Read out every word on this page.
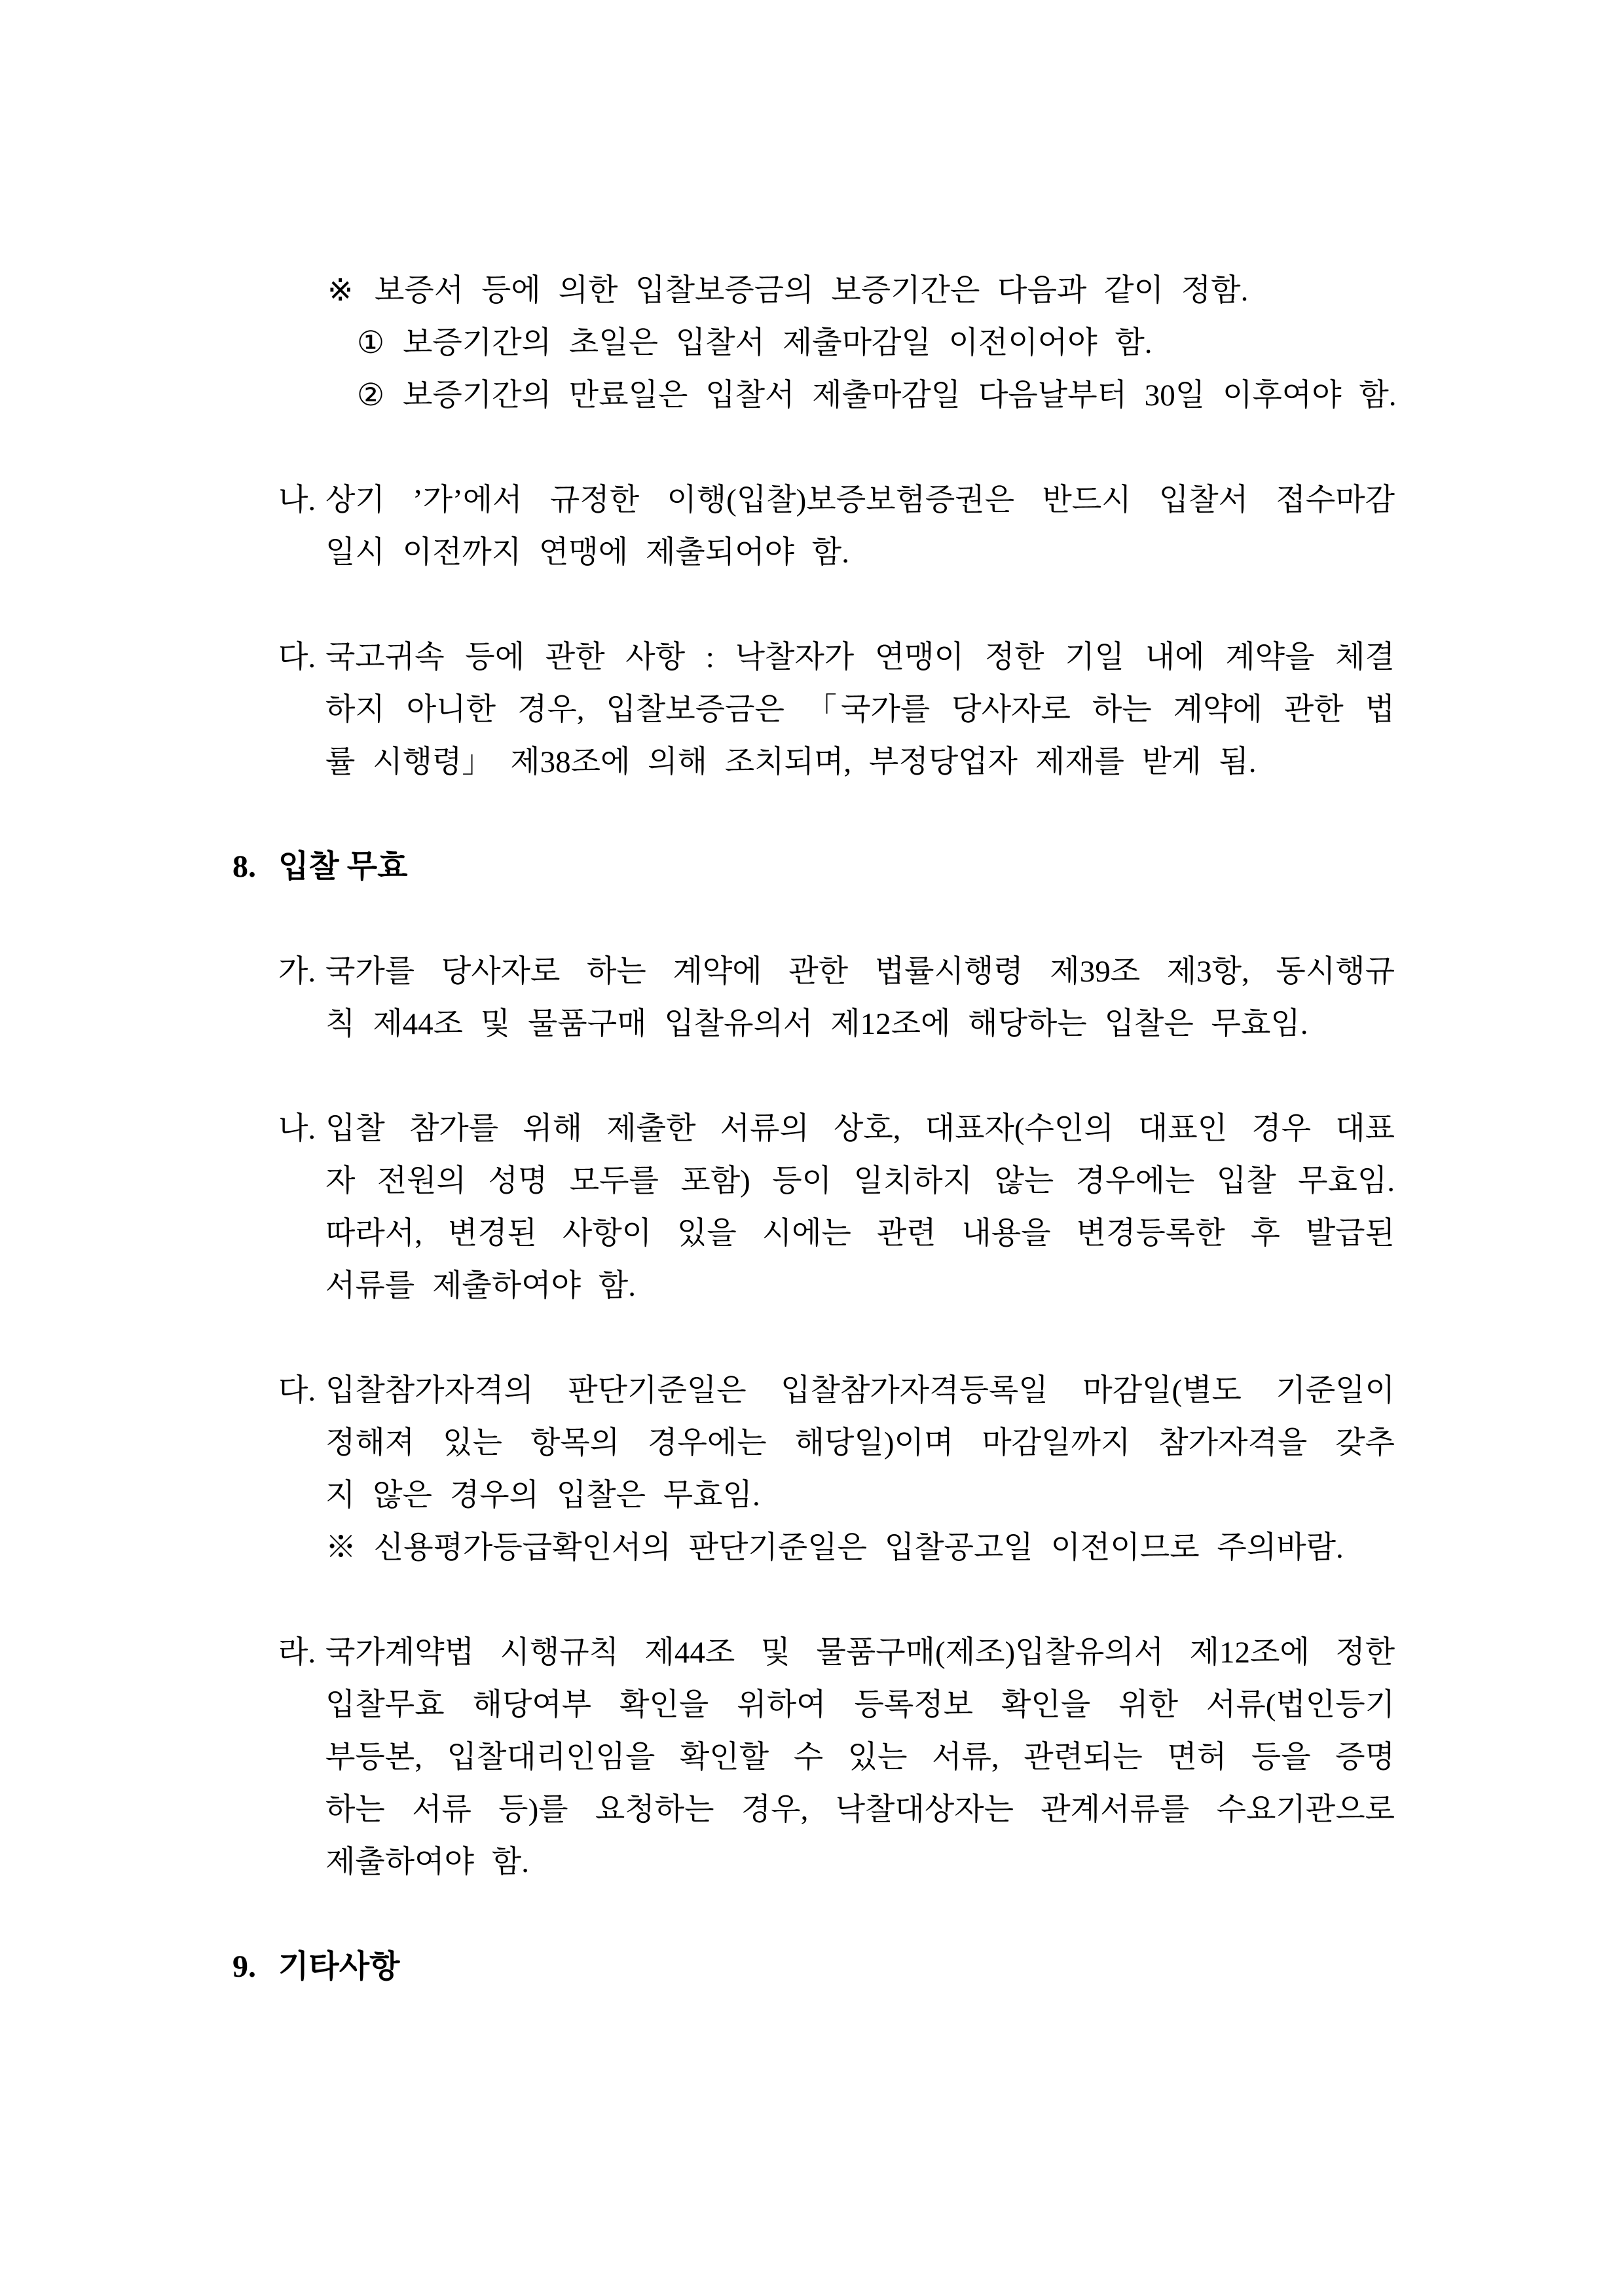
※ 보증서 등에 의한 입찰보증금의 보증기간은 다음과 같이 정함.
① 보증기간의 초일은 입찰서 제출마감일 이전이어야 함.
② 보증기간의 만료일은 입찰서 제출마감일 다음날부터 30일 이후여야 함.
나. 상기 ’가’에서 규정한 이행(입찰)보증보험증권은 반드시 입찰서 접수마감
일시 이전까지 연맹에 제출되어야 함.
다. 국고귀속 등에 관한 사항 : 낙찰자가 연맹이 정한 기일 내에 계약을 체결
하지 아니한 경우, 입찰보증금은 「국가를 당사자로 하는 계약에 관한 법
률 시행령」 제38조에 의해 조치되며, 부정당업자 제재를 받게 됨.
8. 입찰 무효
가. 국가를 당사자로 하는 계약에 관한 법률시행령 제39조 제3항, 동시행규
칙 제44조 및 물품구매 입찰유의서 제12조에 해당하는 입찰은 무효임.
나. 입찰 참가를 위해 제출한 서류의 상호, 대표자(수인의 대표인 경우 대표
자 전원의 성명 모두를 포함) 등이 일치하지 않는 경우에는 입찰 무효임.
따라서, 변경된 사항이 있을 시에는 관련 내용을 변경등록한 후 발급된
서류를 제출하여야 함.
다. 입찰참가자격의 판단기준일은 입찰참가자격등록일 마감일(별도 기준일이
정해져 있는 항목의 경우에는 해당일)이며 마감일까지 참가자격을 갖추
지 않은 경우의 입찰은 무효임.
※ 신용평가등급확인서의 판단기준일은 입찰공고일 이전이므로 주의바람.
라. 국가계약법 시행규칙 제44조 및 물품구매(제조)입찰유의서 제12조에 정한
입찰무효 해당여부 확인을 위하여 등록정보 확인을 위한 서류(법인등기
부등본, 입찰대리인임을 확인할 수 있는 서류, 관련되는 면허 등을 증명
하는 서류 등)를 요청하는 경우, 낙찰대상자는 관계서류를 수요기관으로
제출하여야 함.
9. 기타사항
